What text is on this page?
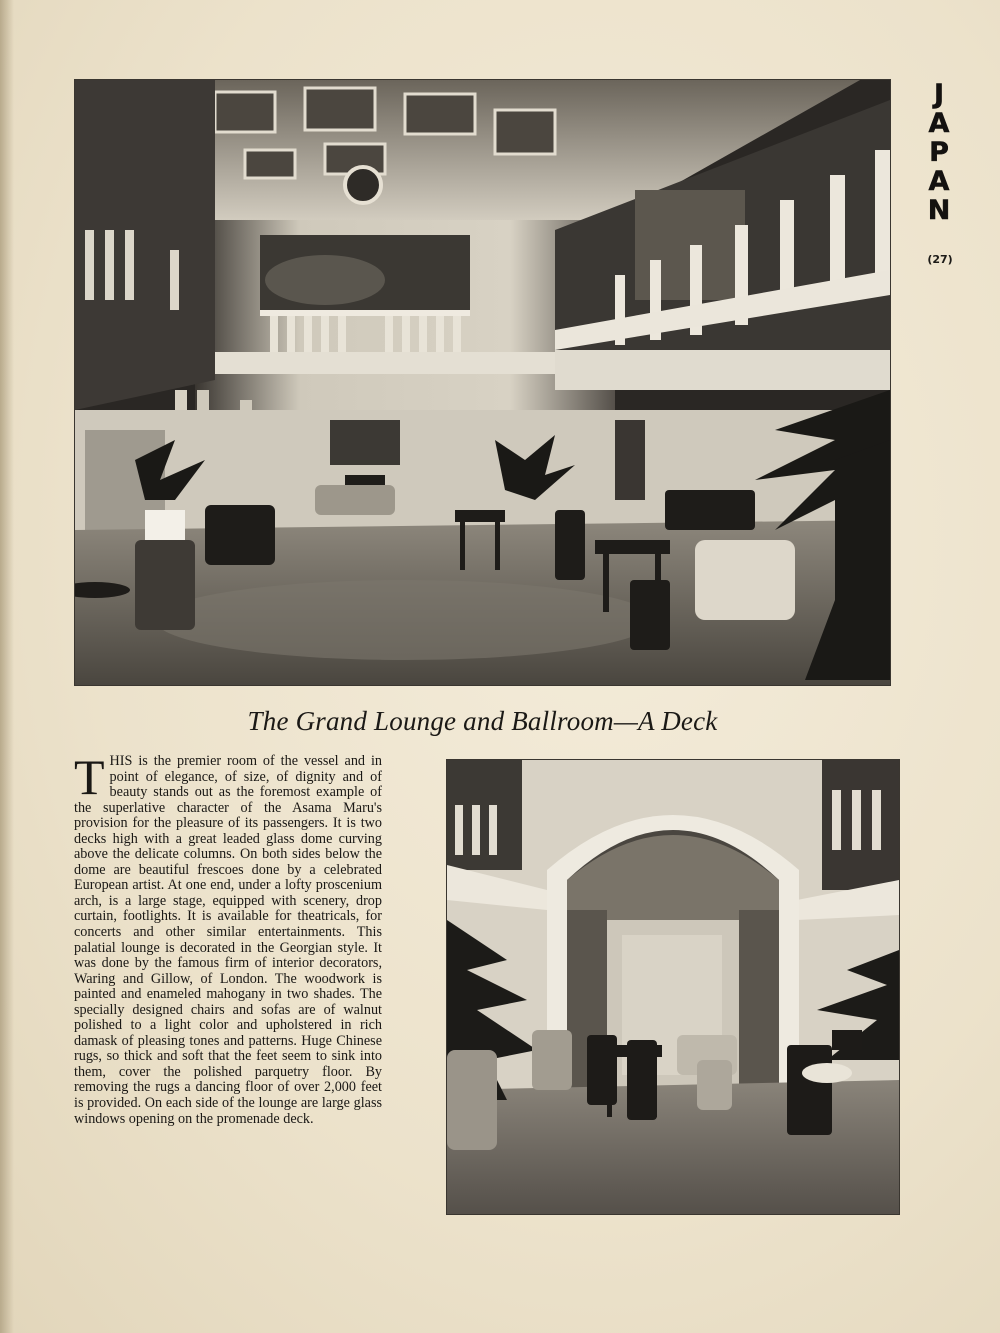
J
A
P
A
N
(27)
The Grand Lounge and Ballroom—A Deck

THIS is the premier room of the vessel and in point of elegance, of size, of dignity and of beauty stands out as the foremost example of the superlative character of the Asama Maru's provision for the pleasure of its passengers. It is two decks high with a great leaded glass dome curving above the delicate columns. On both sides below the dome are beautiful frescoes done by a celebrated European artist. At one end, under a lofty proscenium arch, is a large stage, equipped with scenery, drop curtain, footlights. It is available for theatricals, for concerts and other similar entertainments. This palatial lounge is decorated in the Georgian style. It was done by the famous firm of interior decorators, Waring and Gillow, of London. The woodwork is painted and enameled mahogany in two shades. The specially designed chairs and sofas are of walnut polished to a light color and upholstered in rich damask of pleasing tones and patterns. Huge Chinese rugs, so thick and soft that the feet seem to sink into them, cover the polished parquetry floor. By removing the rugs a dancing floor of over 2,000 feet is provided. On each side of the lounge are large glass windows opening on the promenade deck.
